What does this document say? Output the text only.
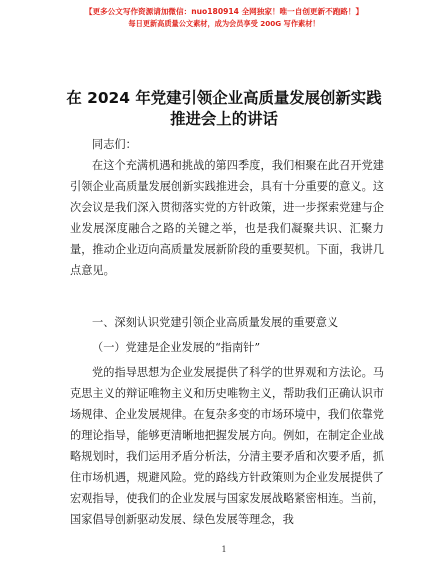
【更多公文写作资源请加微信：nuo180914 全网独家！唯一自创更新不跑路！】
每日更新高质量公文素材，成为会员享受 200G 写作素材！
在 2024 年党建引领企业高质量发展创新实践推进会上的讲话
同志们：
在这个充满机遇和挑战的第四季度，我们相聚在此召开党建引领企业高质量发展创新实践推进会，具有十分重要的意义。这次会议是我们深入贯彻落实党的方针政策，进一步探索党建与企业发展深度融合之路的关键之举，也是我们凝聚共识、汇聚力量，推动企业迈向高质量发展新阶段的重要契机。下面，我讲几点意见。
一、深刻认识党建引领企业高质量发展的重要意义
（一）党建是企业发展的“指南针”
党的指导思想为企业发展提供了科学的世界观和方法论。马克思主义的辩证唯物主义和历史唯物主义，帮助我们正确认识市场规律、企业发展规律。在复杂多变的市场环境中，我们依靠党的理论指导，能够更清晰地把握发展方向。例如，在制定企业战略规划时，我们运用矛盾分析法，分清主要矛盾和次要矛盾，抓住市场机遇，规避风险。党的路线方针政策则为企业发展提供了宏观指导，使我们的企业发展与国家发展战略紧密相连。当前，国家倡导创新驱动发展、绿色发展等理念，我
1
